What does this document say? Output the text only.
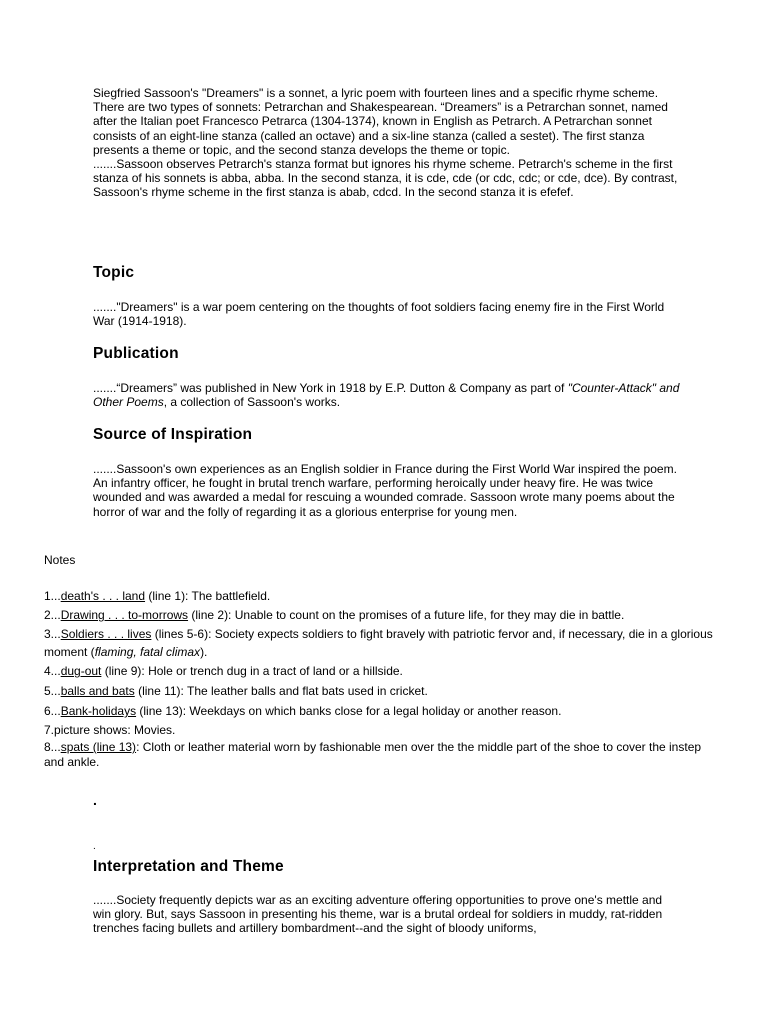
Siegfried Sassoon's "Dreamers" is a sonnet, a lyric poem with fourteen lines and a specific rhyme scheme. There are two types of sonnets: Petrarchan and Shakespearean. “Dreamers” is a Petrarchan sonnet, named after the Italian poet Francesco Petrarca (1304-1374), known in English as Petrarch. A Petrarchan sonnet consists of an eight-line stanza (called an octave) and a six-line stanza (called a sestet). The first stanza presents a theme or topic, and the second stanza develops the theme or topic.

.......Sassoon observes Petrarch's stanza format but ignores his rhyme scheme. Petrarch's scheme in the first stanza of his sonnets is abba, abba. In the second stanza, it is cde, cde (or cdc, cdc; or cde, dce). By contrast, Sassoon's rhyme scheme in the first stanza is abab, cdcd. In the second stanza it is efefef.

Topic

......."Dreamers" is a war poem centering on the thoughts of foot soldiers facing enemy fire in the First World War (1914-1918).

Publication

.......“Dreamers” was published in New York in 1918 by E.P. Dutton & Company as part of "Counter-Attack" and Other Poems, a collection of Sassoon's works.

Source of Inspiration

.......Sassoon's own experiences as an English soldier in France during the First World War inspired the poem. An infantry officer, he fought in brutal trench warfare, performing heroically under heavy fire. He was twice wounded and was awarded a medal for rescuing a wounded comrade. Sassoon wrote many poems about the horror of war and the folly of regarding it as a glorious enterprise for young men.

Notes

1...death's . . . land (line 1): The battlefield.

2...Drawing . . . to-morrows (line 2): Unable to count on the promises of a future life, for they may die in battle.

3...Soldiers . . . lives (lines 5-6): Society expects soldiers to fight bravely with patriotic fervor and, if necessary, die in a glorious moment (flaming, fatal climax).

4...dug-out (line 9): Hole or trench dug in a tract of land or a hillside.

5...balls and bats (line 11): The leather balls and flat bats used in cricket.

6...Bank-holidays (line 13): Weekdays on which banks close for a legal holiday or another reason.

7.picture shows: Movies.

8...spats (line 13): Cloth or leather material worn by fashionable men over the the middle part of the shoe to cover the instep and ankle.

.
.
Interpretation and Theme

.......Society frequently depicts war as an exciting adventure offering opportunities to prove one's mettle and win glory. But, says Sassoon in presenting his theme, war is a brutal ordeal for soldiers in muddy, rat-ridden trenches facing bullets and artillery bombardment--and the sight of bloody uniforms,
